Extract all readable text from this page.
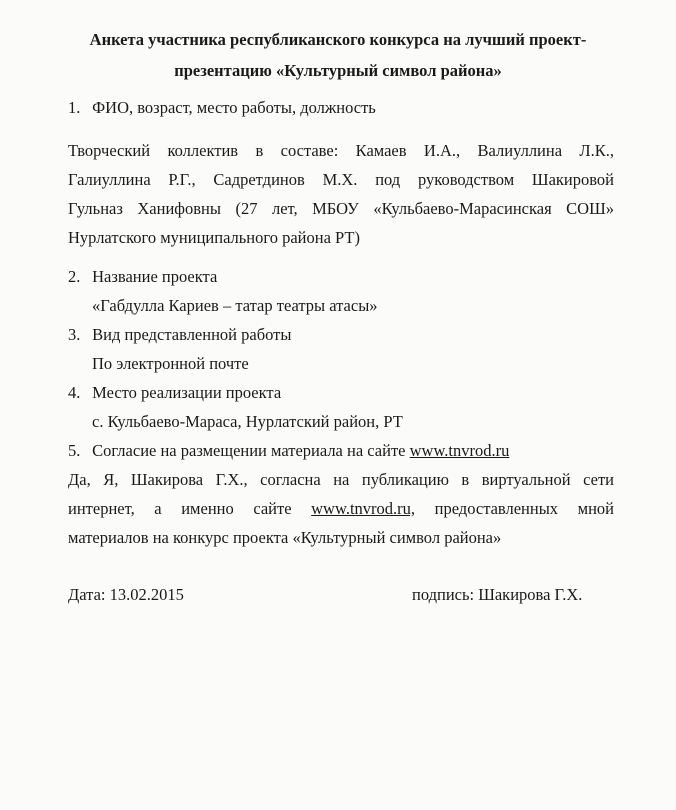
Анкета участника республиканского конкурса на лучший проект-
презентацию «Культурный символ района»
1. ФИО, возраст, место работы, должность
Творческий коллектив в составе: Камаев И.А., Валиуллина Л.К.,
Галиуллина Р.Г., Садретдинов М.Х. под руководством Шакировой
Гульназ Ханифовны (27 лет, МБОУ «Кульбаево-Марасинская СОШ»
Нурлатского муниципального района РТ)
2. Название проекта
«Габдулла Кариев – татар театры атасы»
3. Вид представленной работы
По электронной почте
4. Место реализации проекта
с. Кульбаево-Мараса, Нурлатский район, РТ
5. Согласие на размещении материала на сайте www.tnvrod.ru
Да, Я, Шакирова Г.Х., согласна на публикацию в виртуальной сети
интернет, а именно сайте www.tnvrod.ru, предоставленных мной
материалов на конкурс проекта «Культурный символ района»
Дата: 13.02.2015	подпись: Шакирова Г.Х.
